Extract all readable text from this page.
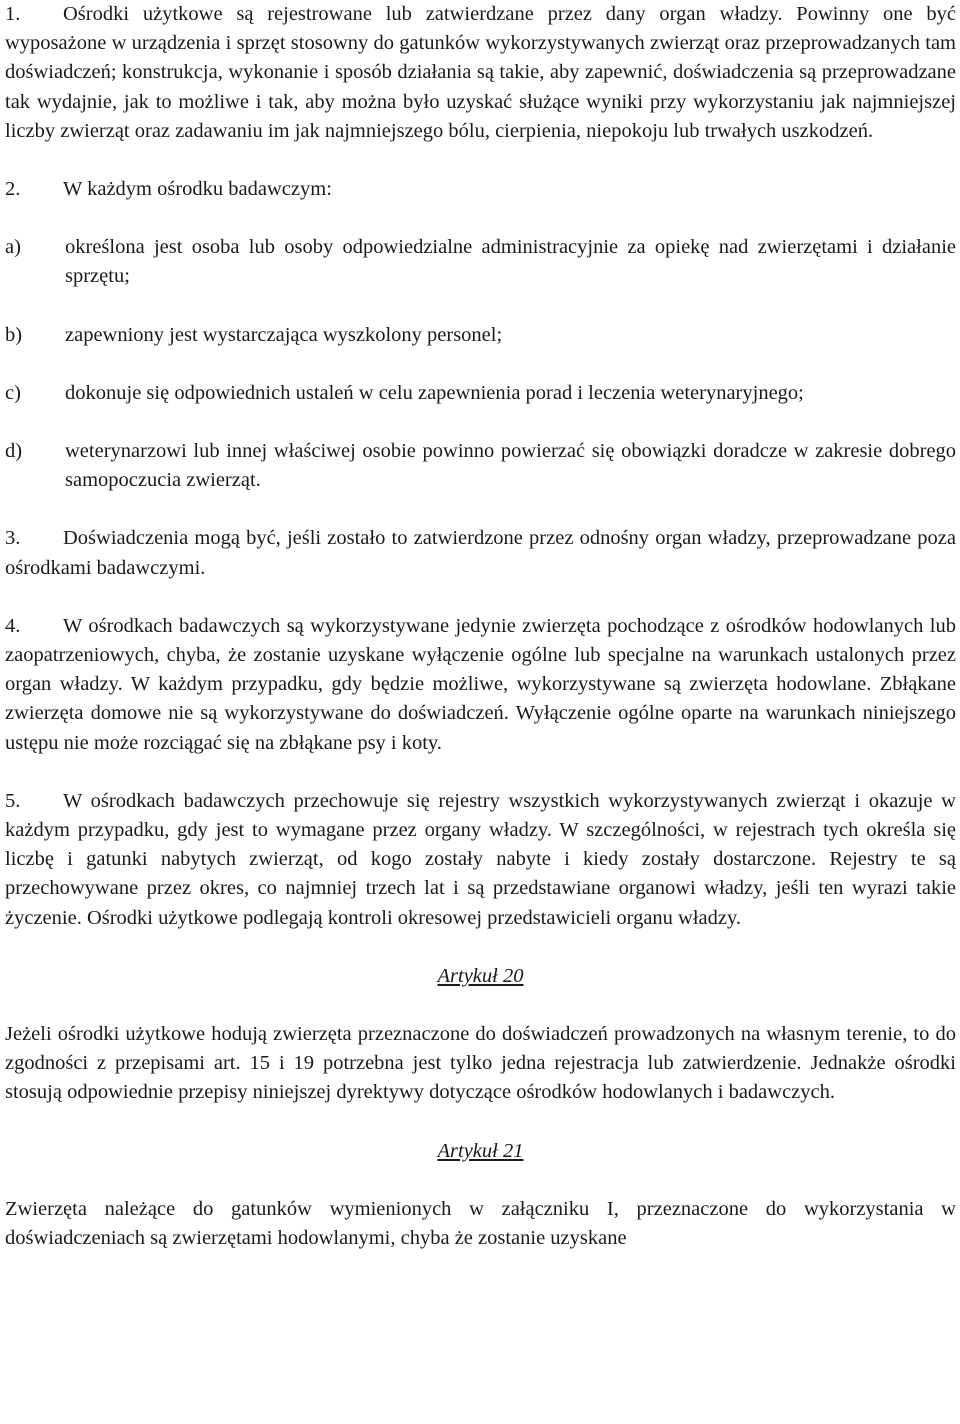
1. Ośrodki użytkowe są rejestrowane lub zatwierdzane przez dany organ władzy. Powinny one być wyposażone w urządzenia i sprzęt stosowny do gatunków wykorzystywanych zwierząt oraz przeprowadzanych tam doświadczeń; konstrukcja, wykonanie i sposób działania są takie, aby zapewnić, doświadczenia są przeprowadzane tak wydajnie, jak to możliwe i tak, aby można było uzyskać służące wyniki przy wykorzystaniu jak najmniejszej liczby zwierząt oraz zadawaniu im jak najmniejszego bólu, cierpienia, niepokoju lub trwałych uszkodzeń.

2. W każdym ośrodku badawczym:

a)	określona jest osoba lub osoby odpowiedzialne administracyjnie za opiekę nad zwierzętami i działanie sprzętu;
b)	zapewniony jest wystarczająca wyszkolony personel;
c)	dokonuje się odpowiednich ustaleń w celu zapewnienia porad i leczenia weterynaryjnego;
d)	weterynarzowi lub innej właściwej osobie powinno powierzać się obowiązki doradcze w zakresie dobrego samopoczucia zwierząt.

3. Doświadczenia mogą być, jeśli zostało to zatwierdzone przez odnośny organ władzy, przeprowadzane poza ośrodkami badawczymi.

4. W ośrodkach badawczych są wykorzystywane jedynie zwierzęta pochodzące z ośrodków hodowlanych lub zaopatrzeniowych, chyba, że zostanie uzyskane wyłączenie ogólne lub specjalne na warunkach ustalonych przez organ władzy. W każdym przypadku, gdy będzie możliwe, wykorzystywane są zwierzęta hodowlane. Zbłąkane zwierzęta domowe nie są wykorzystywane do doświadczeń. Wyłączenie ogólne oparte na warunkach niniejszego ustępu nie może rozciągać się na zbłąkane psy i koty.

5. W ośrodkach badawczych przechowuje się rejestry wszystkich wykorzystywanych zwierząt i okazuje w każdym przypadku, gdy jest to wymagane przez organy władzy. W szczególności, w rejestrach tych określa się liczbę i gatunki nabytych zwierząt, od kogo zostały nabyte i kiedy zostały dostarczone. Rejestry te są przechowywane przez okres, co najmniej trzech lat i są przedstawiane organowi władzy, jeśli ten wyrazi takie życzenie. Ośrodki użytkowe podlegają kontroli okresowej przedstawicieli organu władzy.

Artykuł 20

Jeżeli ośrodki użytkowe hodują zwierzęta przeznaczone do doświadczeń prowadzonych na własnym terenie, to do zgodności z przepisami art. 15 i 19 potrzebna jest tylko jedna rejestracja lub zatwierdzenie. Jednakże ośrodki stosują odpowiednie przepisy niniejszej dyrektywy dotyczące ośrodków hodowlanych i badawczych.

Artykuł 21

Zwierzęta należące do gatunków wymienionych w załączniku I, przeznaczone do wykorzystania w doświadczeniach są zwierzętami hodowlanymi, chyba że zostanie uzyskane
